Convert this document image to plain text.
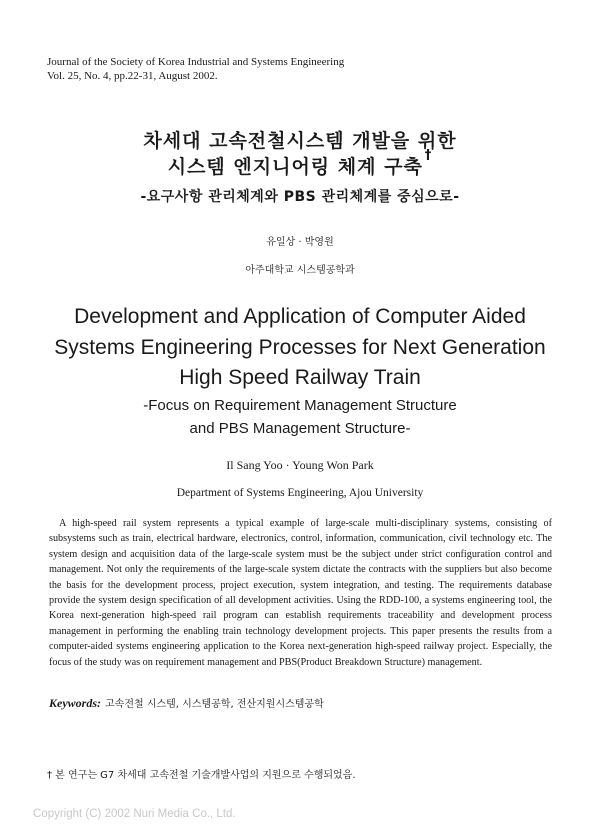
Journal of the Society of Korea Industrial and Systems Engineering
Vol. 25, No. 4, pp.22-31, August 2002.
차세대 고속전철시스템 개발을 위한
시스템 엔지니어링 체계 구축†
-요구사항 관리체계와 PBS 관리체계를 중심으로-
유일상 · 박영원
아주대학교 시스템공학과
Development and Application of Computer Aided
Systems Engineering Processes for Next Generation
High Speed Railway Train
-Focus on Requirement Management Structure
and PBS Management Structure-
Il Sang Yoo · Young Won Park
Department of Systems Engineering, Ajou University

A high-speed rail system represents a typical example of large-scale multi-disciplinary systems, consisting of subsystems such as train, electrical hardware, electronics, control, information, communication, civil technology etc. The system design and acquisition data of the large-scale system must be the subject under strict configuration control and management. Not only the requirements of the large-scale system dictate the contracts with the suppliers but also become the basis for the development process, project execution, system integration, and testing. The requirements database provide the system design specification of all development activities. Using the RDD-100, a systems engineering tool, the Korea next-generation high-speed rail program can establish requirements traceability and development process management in performing the enabling train technology development projects. This paper presents the results from a computer-aided systems engineering application to the Korea next-generation high-speed railway project. Especially, the focus of the study was on requirement management and PBS(Product Breakdown Structure) management.

Keywords: 고속전철 시스템, 시스템공학, 전산지원시스템공학
† 본 연구는 G7 차세대 고속전철 기술개발사업의 지원으로 수행되었음.
Copyright (C) 2002 Nuri Media Co., Ltd.
